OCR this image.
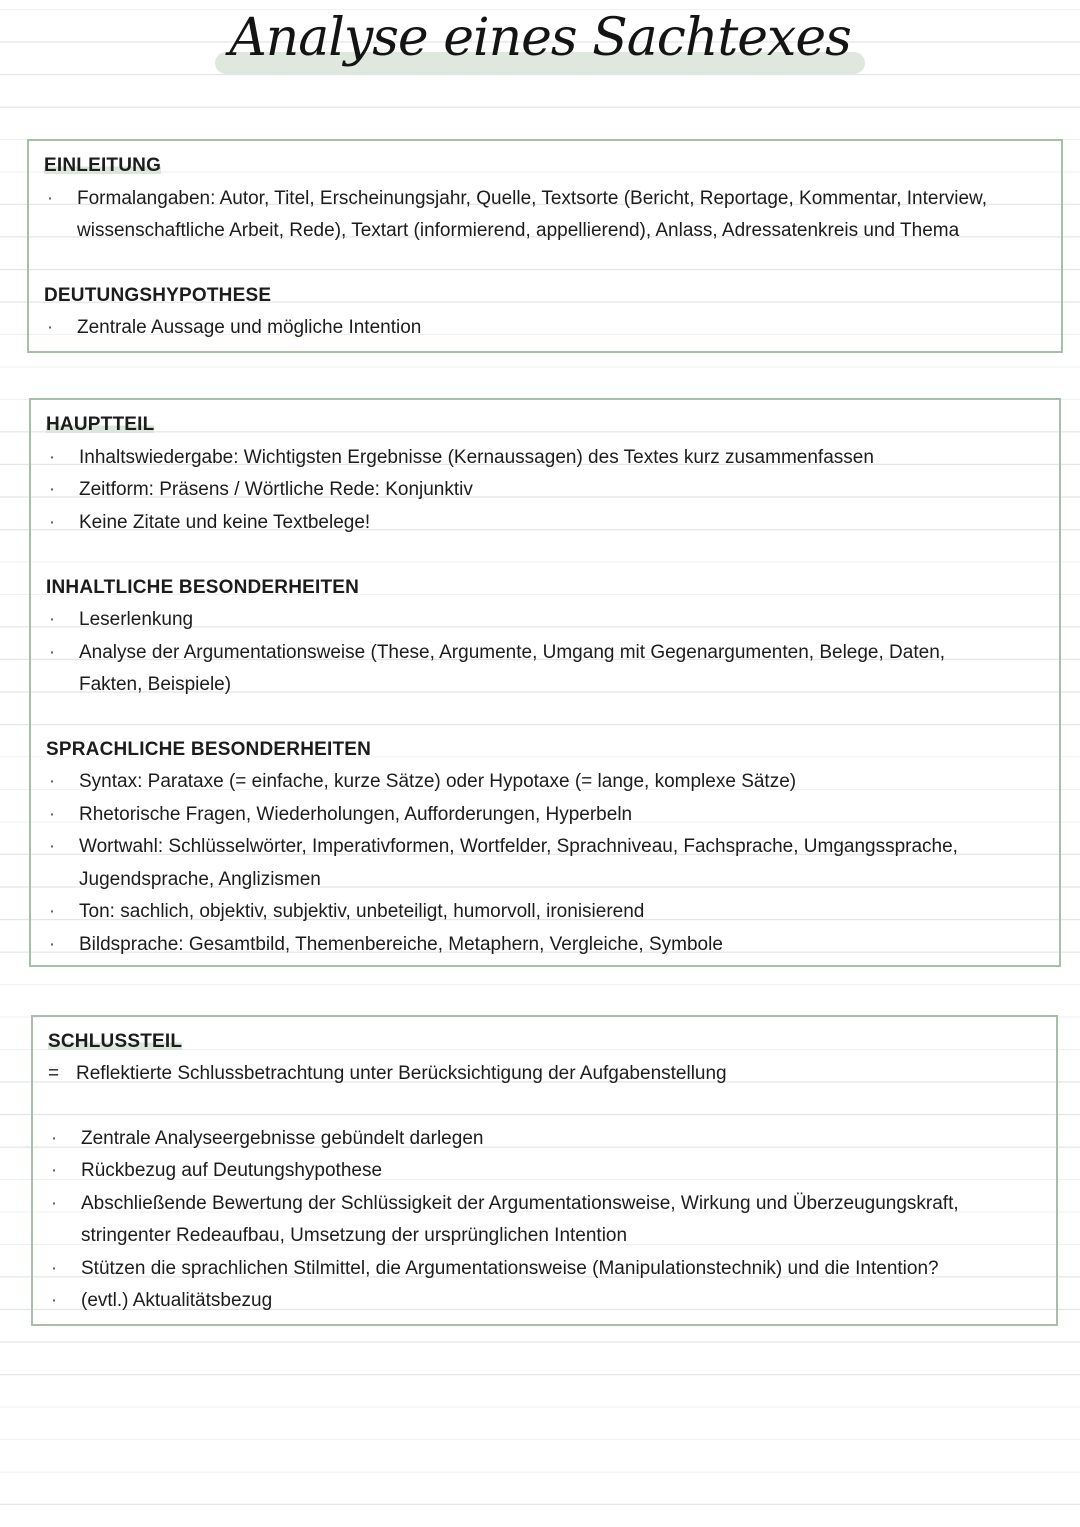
Analyse eines Sachtexes
EINLEITUNG
· Formalangaben: Autor, Titel, Erscheinungsjahr, Quelle, Textsorte (Bericht, Reportage, Kommentar, Interview,
wissenschaftliche Arbeit, Rede), Textart (informierend, appellierend), Anlass, Adressatenkreis und Thema
DEUTUNGSHYPOTHESE
· Zentrale Aussage und mögliche Intention
HAUPTTEIL
· Inhaltswiedergabe: Wichtigsten Ergebnisse (Kernaussagen) des Textes kurz zusammenfassen
· Zeitform: Präsens / Wörtliche Rede: Konjunktiv
· Keine Zitate und keine Textbelege!
INHALTLICHE BESONDERHEITEN
· Leserlenkung
· Analyse der Argumentationsweise (These, Argumente, Umgang mit Gegenargumenten, Belege, Daten,
Fakten, Beispiele)
SPRACHLICHE BESONDERHEITEN
· Syntax: Parataxe (= einfache, kurze Sätze) oder Hypotaxe (= lange, komplexe Sätze)
· Rhetorische Fragen, Wiederholungen, Aufforderungen, Hyperbeln
· Wortwahl: Schlüsselwörter, Imperativformen, Wortfelder, Sprachniveau, Fachsprache, Umgangssprache,
Jugendsprache, Anglizismen
· Ton: sachlich, objektiv, subjektiv, unbeteiligt, humorvoll, ironisierend
· Bildsprache: Gesamtbild, Themenbereiche, Metaphern, Vergleiche, Symbole
SCHLUSSTEIL
= Reflektierte Schlussbetrachtung unter Berücksichtigung der Aufgabenstellung
· Zentrale Analyseergebnisse gebündelt darlegen
· Rückbezug auf Deutungshypothese
· Abschließende Bewertung der Schlüssigkeit der Argumentationsweise, Wirkung und Überzeugungskraft,
stringenter Redeaufbau, Umsetzung der ursprünglichen Intention
· Stützen die sprachlichen Stilmittel, die Argumentationsweise (Manipulationstechnik) und die Intention?
· (evtl.) Aktualitätsbezug
